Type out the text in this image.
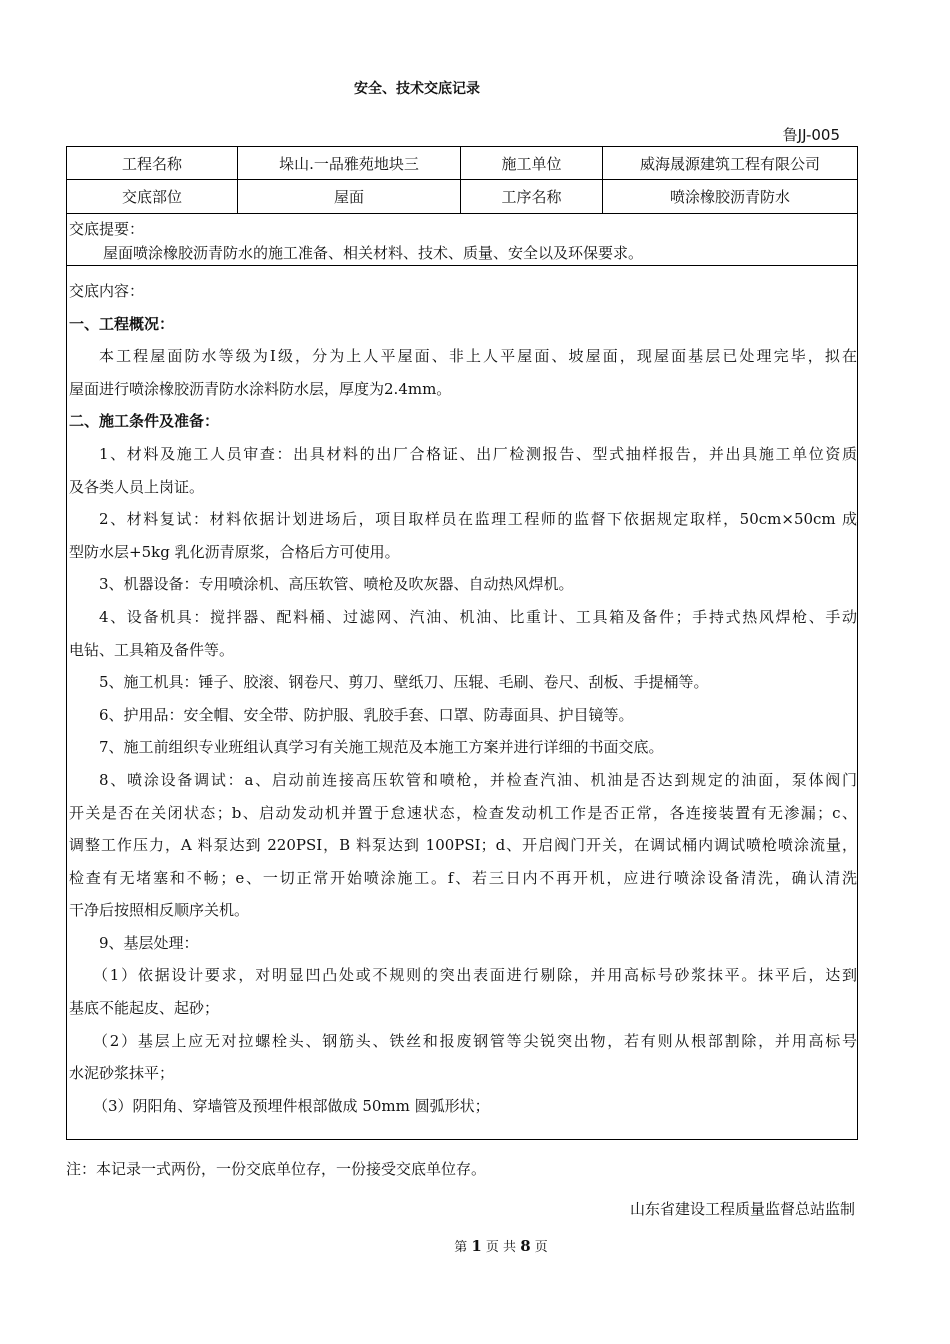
安全、技术交底记录
鲁JJ-005
工程名称	垛山.一品雅苑地块三	施工单位	威海晟源建筑工程有限公司
交底部位	屋面	工序名称	喷涂橡胶沥青防水
交底提要：
屋面喷涂橡胶沥青防水的施工准备、相关材料、技术、质量、安全以及环保要求。
交底内容：
一、工程概况：
本工程屋面防水等级为Ⅰ级，分为上人平屋面、非上人平屋面、坡屋面，现屋面基层已处理完毕，拟在
屋面进行喷涂橡胶沥青防水涂料防水层，厚度为2.4mm。
二、施工条件及准备：
1、材料及施工人员审查：出具材料的出厂合格证、出厂检测报告、型式抽样报告，并出具施工单位资质
及各类人员上岗证。
2、材料复试：材料依据计划进场后，项目取样员在监理工程师的监督下依据规定取样，50cm×50cm 成
型防水层+5kg 乳化沥青原浆，合格后方可使用。
3、机器设备：专用喷涂机、高压软管、喷枪及吹灰器、自动热风焊机。
4、设备机具：搅拌器、配料桶、过滤网、汽油、机油、比重计、工具箱及备件；手持式热风焊枪、手动
电钻、工具箱及备件等。
5、施工机具：锤子、胶滚、钢卷尺、剪刀、壁纸刀、压辊、毛刷、卷尺、刮板、手提桶等。
6、护用品：安全帽、安全带、防护服、乳胶手套、口罩、防毒面具、护目镜等。
7、施工前组织专业班组认真学习有关施工规范及本施工方案并进行详细的书面交底。
8、喷涂设备调试：a、启动前连接高压软管和喷枪，并检查汽油、机油是否达到规定的油面，泵体阀门
开关是否在关闭状态；b、启动发动机并置于怠速状态，检查发动机工作是否正常，各连接装置有无渗漏；c、
调整工作压力，A 料泵达到 220PSI，B 料泵达到 100PSI；d、开启阀门开关，在调试桶内调试喷枪喷涂流量，
检查有无堵塞和不畅；e、一切正常开始喷涂施工。f、若三日内不再开机，应进行喷涂设备清洗，确认清洗
干净后按照相反顺序关机。
9、基层处理：
（1）依据设计要求，对明显凹凸处或不规则的突出表面进行剔除，并用高标号砂浆抹平。抹平后，达到
基底不能起皮、起砂；
（2）基层上应无对拉螺栓头、钢筋头、铁丝和报废钢管等尖锐突出物，若有则从根部割除，并用高标号
水泥砂浆抹平；
（3）阴阳角、穿墙管及预埋件根部做成 50mm 圆弧形状；
注：本记录一式两份，一份交底单位存，一份接受交底单位存。
山东省建设工程质量监督总站监制
第 1 页 共 8 页
